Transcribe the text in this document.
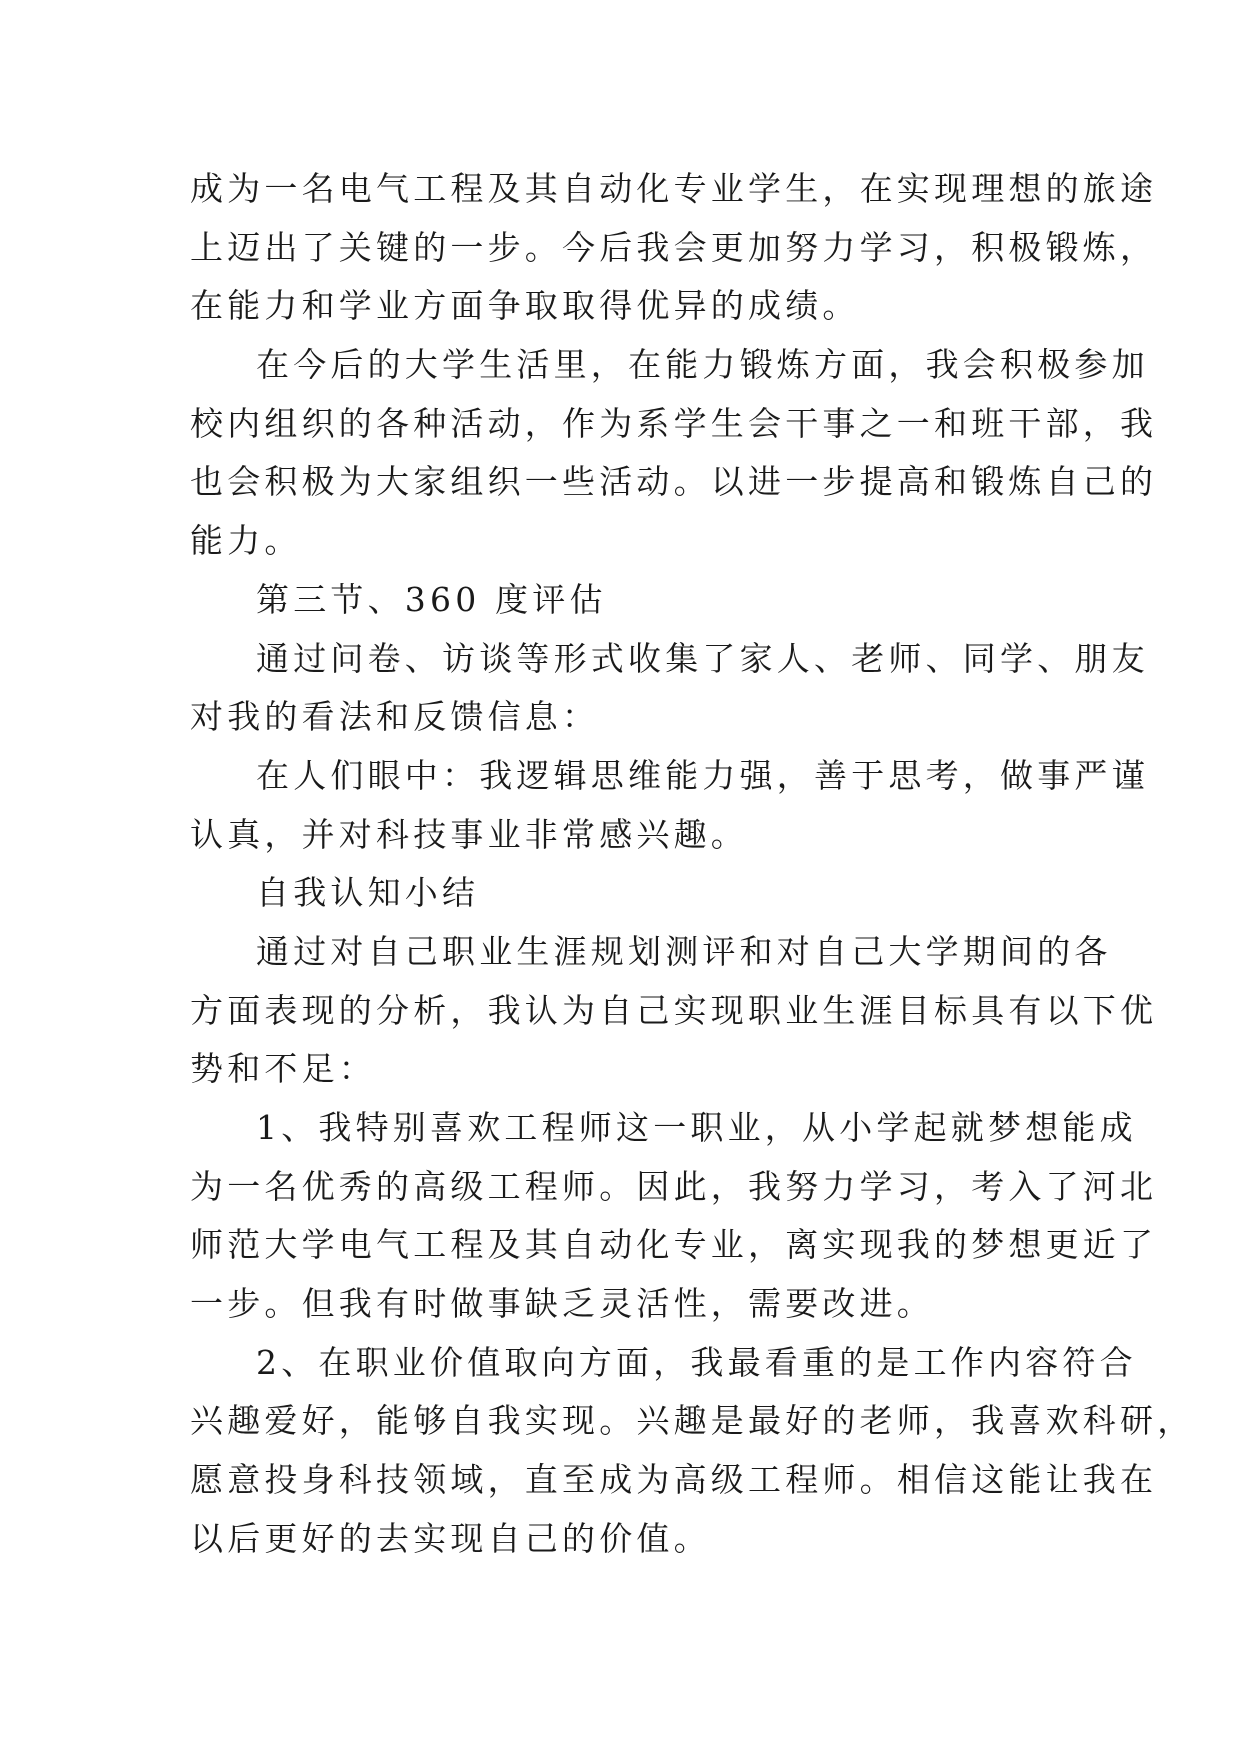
成为一名电气工程及其自动化专业学生，在实现理想的旅途
上迈出了关键的一步。今后我会更加努力学习，积极锻炼，
在能力和学业方面争取取得优异的成绩。
在今后的大学生活里，在能力锻炼方面，我会积极参加
校内组织的各种活动，作为系学生会干事之一和班干部，我
也会积极为大家组织一些活动。以进一步提高和锻炼自己的
能力。
第三节、360 度评估
通过问卷、访谈等形式收集了家人、老师、同学、朋友
对我的看法和反馈信息：
在人们眼中：我逻辑思维能力强，善于思考，做事严谨
认真，并对科技事业非常感兴趣。
自我认知小结
通过对自己职业生涯规划测评和对自己大学期间的各
方面表现的分析，我认为自己实现职业生涯目标具有以下优
势和不足：
1、我特别喜欢工程师这一职业，从小学起就梦想能成
为一名优秀的高级工程师。因此，我努力学习，考入了河北
师范大学电气工程及其自动化专业，离实现我的梦想更近了
一步。但我有时做事缺乏灵活性，需要改进。
2、在职业价值取向方面，我最看重的是工作内容符合
兴趣爱好，能够自我实现。兴趣是最好的老师，我喜欢科研，
愿意投身科技领域，直至成为高级工程师。相信这能让我在
以后更好的去实现自己的价值。
